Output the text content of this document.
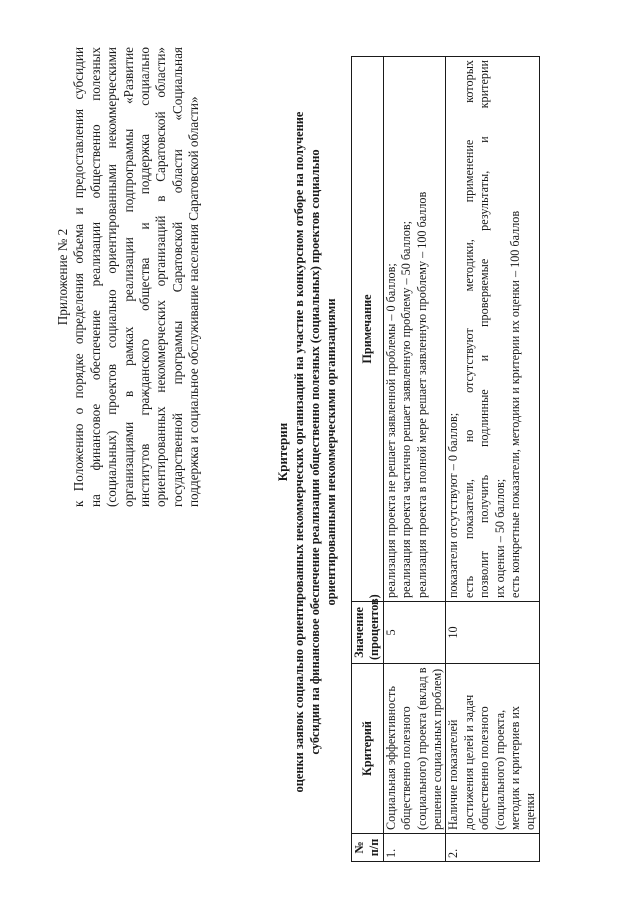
Приложение № 2 к Положению о порядке определения объема и предоставления субсидии на финансовое обеспечение реализации общественно полезных (социальных) проектов социально ориентированными некоммерческими организациями в рамках реализации подпрограммы «Развитие институтов гражданского общества и поддержка социально ориентированных некоммерческих организаций в Саратовской области» государственной программы Саратовской области «Социальная поддержка и социальное обслуживание населения Саратовской области»	Критерии оценки заявок социально ориентированных некоммерческих организаций на участие в конкурсном отборе на получение субсидии на финансовое обеспечение реализации общественно полезных (социальных) проектов социально ориентированными некоммерческими организациями
№ п/п	Критерий	Значение (процентов)	Примечание
1.	Социальная эффективность общественно полезного (социального) проекта (вклад в решение социальных проблем)	5	реализация проекта не решает заявленной проблемы – 0 баллов; реализация проекта частично решает заявленную проблему – 50 баллов; реализация проекта в полной мере решает заявленную проблему – 100 баллов

2.	Наличие показателей достижения целей и задач общественно полезного (социального) проекта, методик и критериев их оценки	10	показатели отсутствуют – 0 баллов; есть показатели, но отсутствуют методики, применение которых позволит получить подлинные и проверяемые результаты, и критерии их оценки – 50 баллов; есть конкретные показатели, методики и критерии их оценки – 100 баллов
